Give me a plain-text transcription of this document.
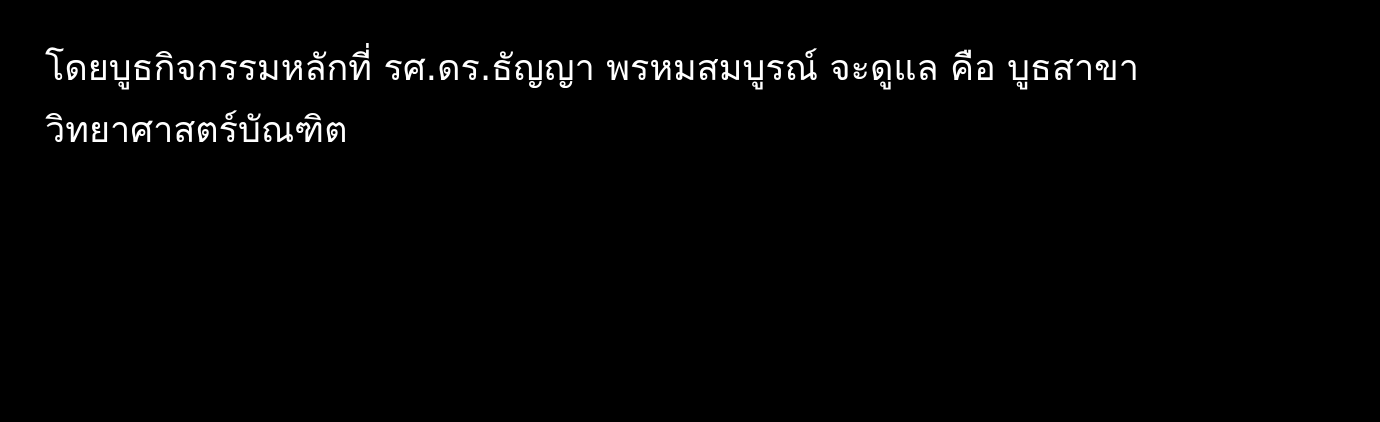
โดยบูธกิจกรรมหลักที่ รศ.ดร.ธัญญา พรหมสมบูรณ์ จะดูแล คือ บูธสาขา
วิทยาศาสตร์บัณฑิต
